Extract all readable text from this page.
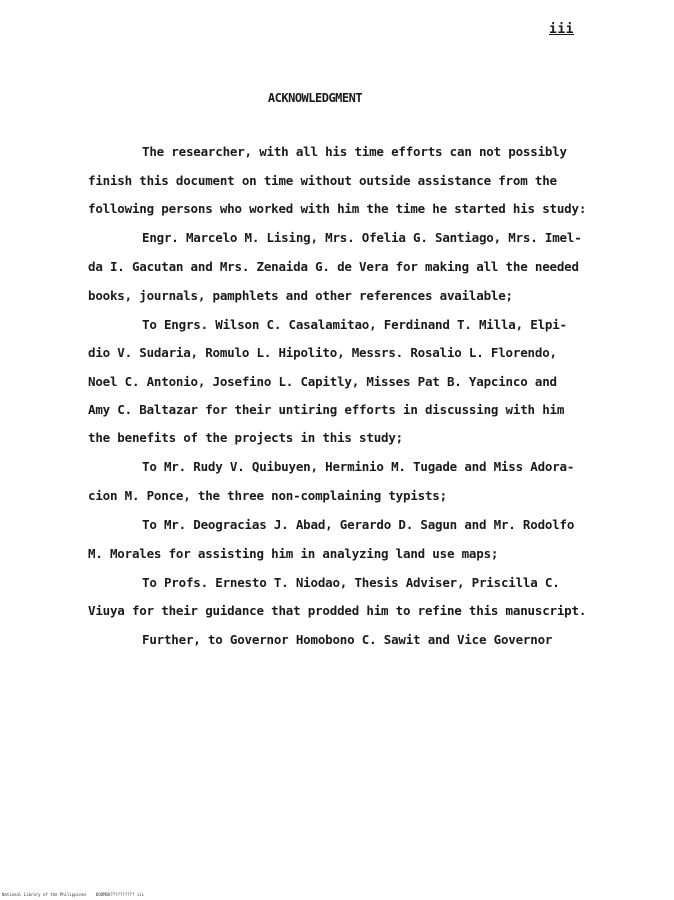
iii
ACKNOWLEDGMENT
The researcher, with all his time efforts can not possibly
finish this document on time without outside assistance from the
following persons who worked with him the time he started his study:
Engr. Marcelo M. Lising, Mrs. Ofelia G. Santiago, Mrs. Imel-
da I. Gacutan and Mrs. Zenaida G. de Vera for making all the needed
books, journals, pamphlets and other references available;
To Engrs. Wilson C. Casalamitao, Ferdinand T. Milla, Elpi-
dio V. Sudaria, Romulo L. Hipolito, Messrs. Rosalio L. Florendo,
Noel C. Antonio, Josefino L. Capitly, Misses Pat B. Yapcinco and
Amy C. Baltazar for their untiring efforts in discussing with him
the benefits of the projects in this study;
To Mr. Rudy V. Quibuyen, Herminio M. Tugade and Miss Adora-
cion M. Ponce, the three non-complaining typists;
To Mr. Deogracias J. Abad, Gerardo D. Sagun and Mr. Rodolfo
M. Morales for assisting him in analyzing land use maps;
To Profs. Ernesto T. Niodao, Thesis Adviser, Priscilla C.
Viuya for their guidance that prodded him to refine this manuscript.
Further, to Governor Homobono C. Sawit and Vice Governor
National Library of the Philippines    BOOMOO?????????? iii
